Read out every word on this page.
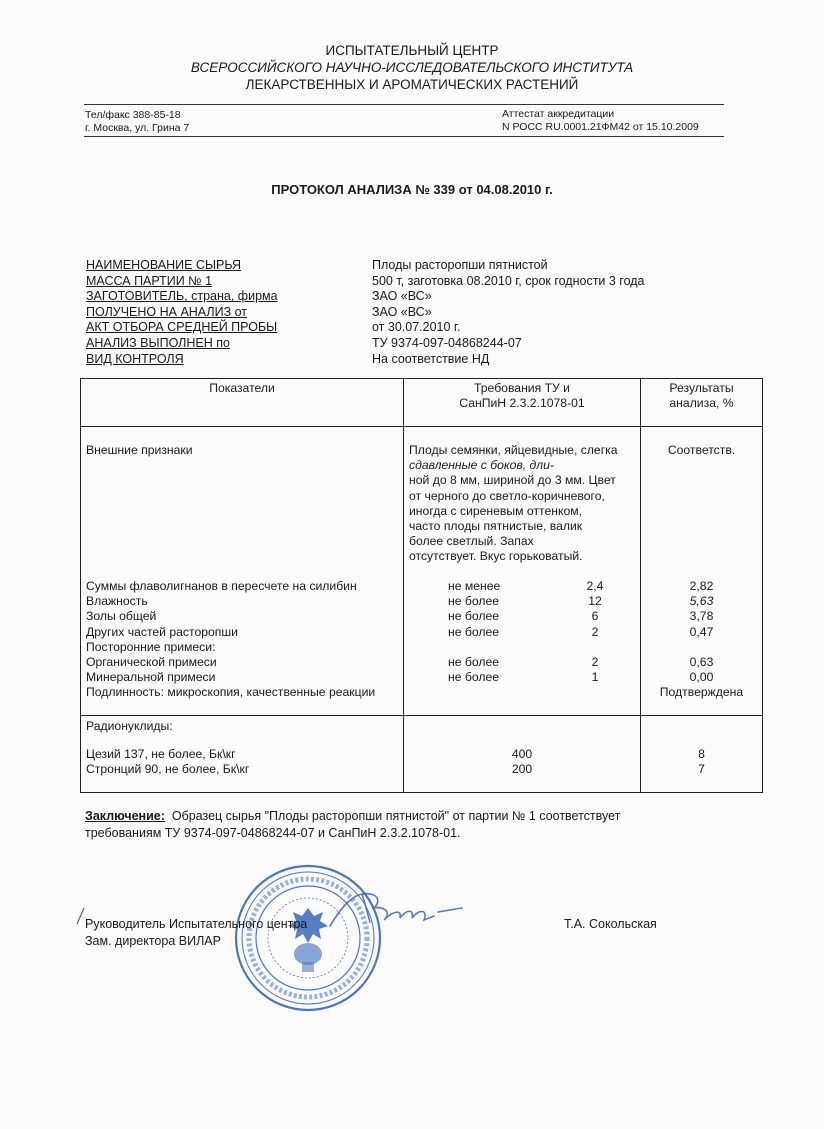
ИСПЫТАТЕЛЬНЫЙ ЦЕНТР
ВСЕРОССИЙСКОГО НАУЧНО-ИССЛЕДОВАТЕЛЬСКОГО ИНСТИТУТА
ЛЕКАРСТВЕННЫХ И АРОМАТИЧЕСКИХ РАСТЕНИЙ
Тел/факс 388-85-18
г. Москва, ул. Грина 7
Аттестат аккредитации
N РОСС RU.0001.21ФМ42 от 15.10.2009
ПРОТОКОЛ АНАЛИЗА № 339 от 04.08.2010 г.
НАИМЕНОВАНИЕ СЫРЬЯ
МАССА ПАРТИИ № 1
ЗАГОТОВИТЕЛЬ, страна, фирма
ПОЛУЧЕНО НА АНАЛИЗ от
АКТ ОТБОРА СРЕДНЕЙ ПРОБЫ
АНАЛИЗ ВЫПОЛНЕН по
ВИД КОНТРОЛЯ
Плоды расторопши пятнистой
500 т, заготовка 08.2010 г, срок годности 3 года
ЗАО «ВС»
ЗАО «ВС»
от 30.07.2010 г.
ТУ 9374-097-04868244-07
На соответствие НД
Показатели	Требования ТУ и
СанПиН 2.3.2.1078-01
Результаты
анализа, %
Внешние признаки	Плоды семянки, яйцевидные, слегка
сдавленные с боков, дли-
ной до 8 мм, шириной до 3 мм. Цвет
от черного до светло-коричневого,
иногда с сиреневым оттенком,
часто плоды пятнистые, валик
более светлый. Запах
отсутствует. Вкус горьковатый.
Соответств.
Суммы флаволигнанов в пересчете на силибин
Влажность
Золы общей
Других частей расторопши
Посторонние примеси:
Органической примеси
Минеральной примеси
Подлинность: микроскопия, качественные реакции
не менее
не более
не более
не более
не более
не более
2,4
12
6
2
2
1
2,82
5,63
3,78
0,47
0,63
0,00
Подтверждена
Радионуклиды:
Цезий 137, не более, Бк\кг
Стронций 90, не более, Бк\кг
400
200
8
7
Заключение: Образец сырья "Плоды расторопши пятнистой" от партии № 1 соответствует
требованиям ТУ 9374-097-04868244-07 и СанПиН 2.3.2.1078-01.
Руководитель Испытательного центра
Зам. директора ВИЛАР
Т.А. Сокольская
